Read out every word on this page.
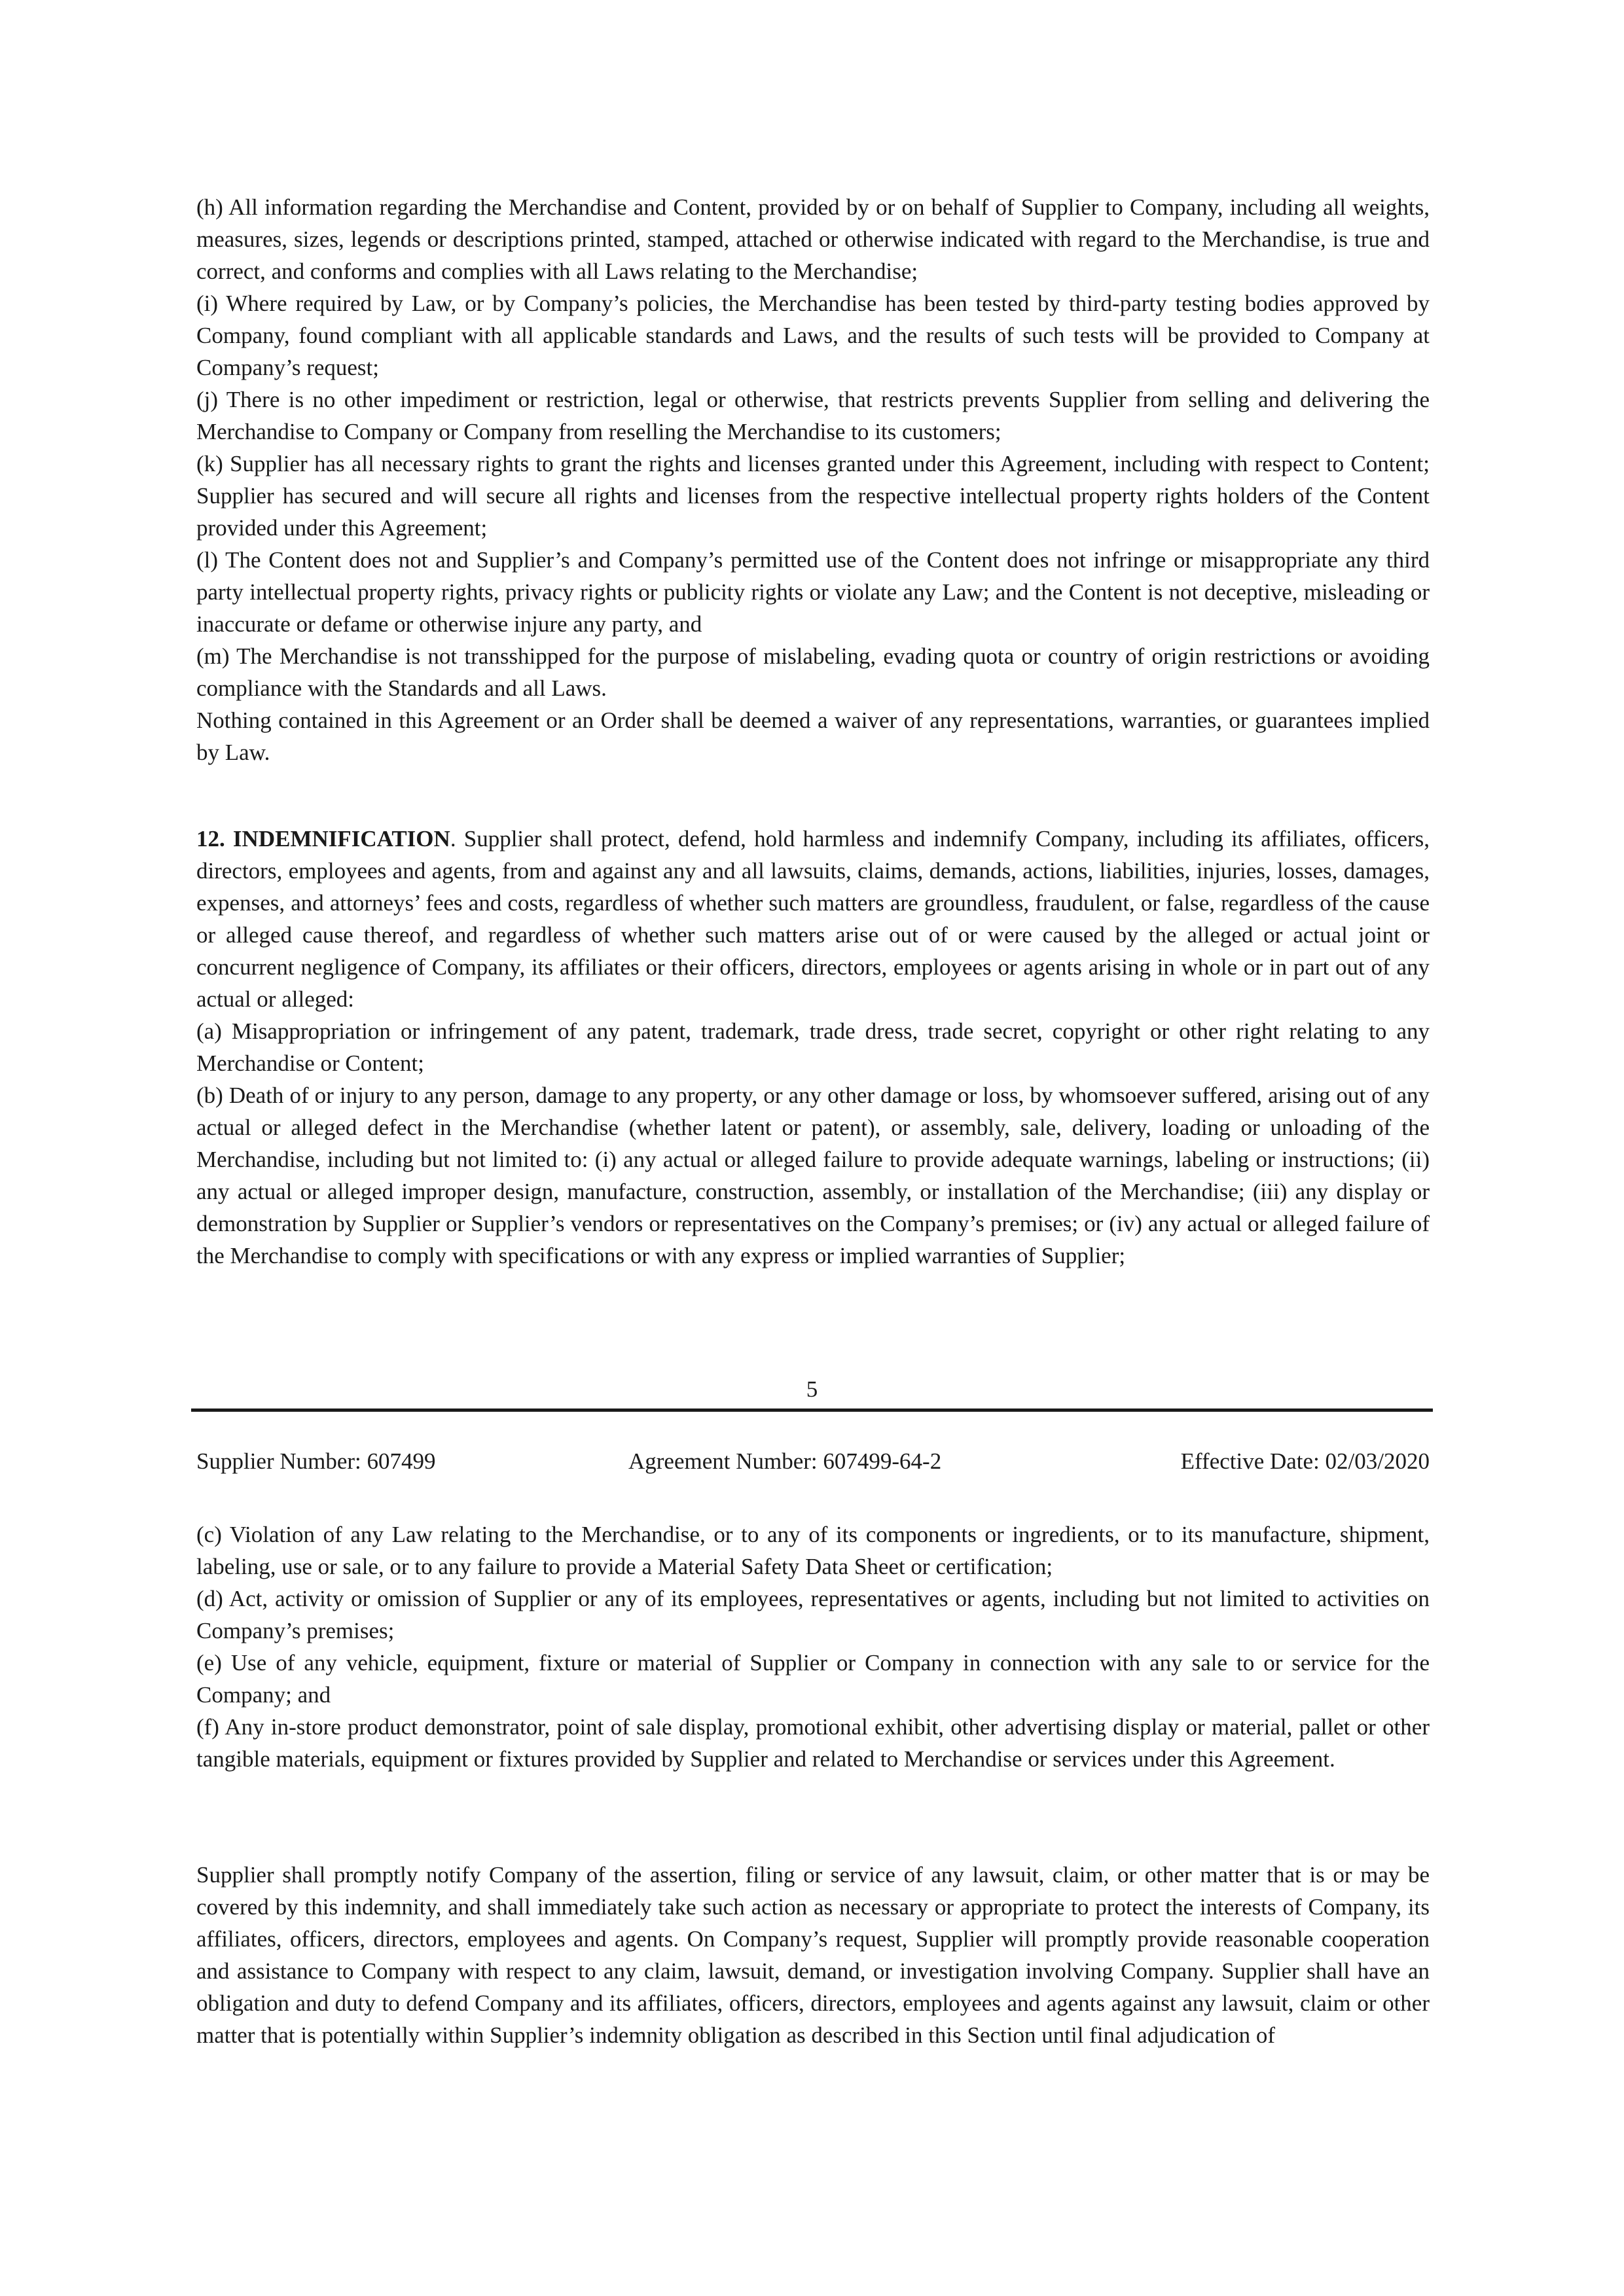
(h) All information regarding the Merchandise and Content, provided by or on behalf of Supplier to Company, including all weights, measures, sizes, legends or descriptions printed, stamped, attached or otherwise indicated with regard to the Merchandise, is true and correct, and conforms and complies with all Laws relating to the Merchandise;

(i) Where required by Law, or by Company’s policies, the Merchandise has been tested by third-party testing bodies approved by Company, found compliant with all applicable standards and Laws, and the results of such tests will be provided to Company at Company’s request;

(j) There is no other impediment or restriction, legal or otherwise, that restricts prevents Supplier from selling and delivering the Merchandise to Company or Company from reselling the Merchandise to its customers;

(k) Supplier has all necessary rights to grant the rights and licenses granted under this Agreement, including with respect to Content; Supplier has secured and will secure all rights and licenses from the respective intellectual property rights holders of the Content provided under this Agreement;

(l) The Content does not and Supplier’s and Company’s permitted use of the Content does not infringe or misappropriate any third party intellectual property rights, privacy rights or publicity rights or violate any Law; and the Content is not deceptive, misleading or inaccurate or defame or otherwise injure any party, and

(m) The Merchandise is not transshipped for the purpose of mislabeling, evading quota or country of origin restrictions or avoiding compliance with the Standards and all Laws.

Nothing contained in this Agreement or an Order shall be deemed a waiver of any representations, warranties, or guarantees implied by Law.

12. INDEMNIFICATION. Supplier shall protect, defend, hold harmless and indemnify Company, including its affiliates, officers, directors, employees and agents, from and against any and all lawsuits, claims, demands, actions, liabilities, injuries, losses, damages, expenses, and attorneys’ fees and costs, regardless of whether such matters are groundless, fraudulent, or false, regardless of the cause or alleged cause thereof, and regardless of whether such matters arise out of or were caused by the alleged or actual joint or concurrent negligence of Company, its affiliates or their officers, directors, employees or agents arising in whole or in part out of any actual or alleged:

(a) Misappropriation or infringement of any patent, trademark, trade dress, trade secret, copyright or other right relating to any Merchandise or Content;

(b) Death of or injury to any person, damage to any property, or any other damage or loss, by whomsoever suffered, arising out of any actual or alleged defect in the Merchandise (whether latent or patent), or assembly, sale, delivery, loading or unloading of the Merchandise, including but not limited to: (i) any actual or alleged failure to provide adequate warnings, labeling or instructions; (ii) any actual or alleged improper design, manufacture, construction, assembly, or installation of the Merchandise; (iii) any display or demonstration by Supplier or Supplier’s vendors or representatives on the Company’s premises; or (iv) any actual or alleged failure of the Merchandise to comply with specifications or with any express or implied warranties of Supplier;

5
Supplier Number: 607499	Agreement Number: 607499-64-2	Effective Date: 02/03/2020

(c) Violation of any Law relating to the Merchandise, or to any of its components or ingredients, or to its manufacture, shipment, labeling, use or sale, or to any failure to provide a Material Safety Data Sheet or certification;

(d) Act, activity or omission of Supplier or any of its employees, representatives or agents, including but not limited to activities on Company’s premises;

(e) Use of any vehicle, equipment, fixture or material of Supplier or Company in connection with any sale to or service for the Company; and

(f) Any in-store product demonstrator, point of sale display, promotional exhibit, other advertising display or material, pallet or other tangible materials, equipment or fixtures provided by Supplier and related to Merchandise or services under this Agreement.

Supplier shall promptly notify Company of the assertion, filing or service of any lawsuit, claim, or other matter that is or may be covered by this indemnity, and shall immediately take such action as necessary or appropriate to protect the interests of Company, its affiliates, officers, directors, employees and agents. On Company’s request, Supplier will promptly provide reasonable cooperation and assistance to Company with respect to any claim, lawsuit, demand, or investigation involving Company. Supplier shall have an obligation and duty to defend Company and its affiliates, officers, directors, employees and agents against any lawsuit, claim or other matter that is potentially within Supplier’s indemnity obligation as described in this Section until final adjudication of
